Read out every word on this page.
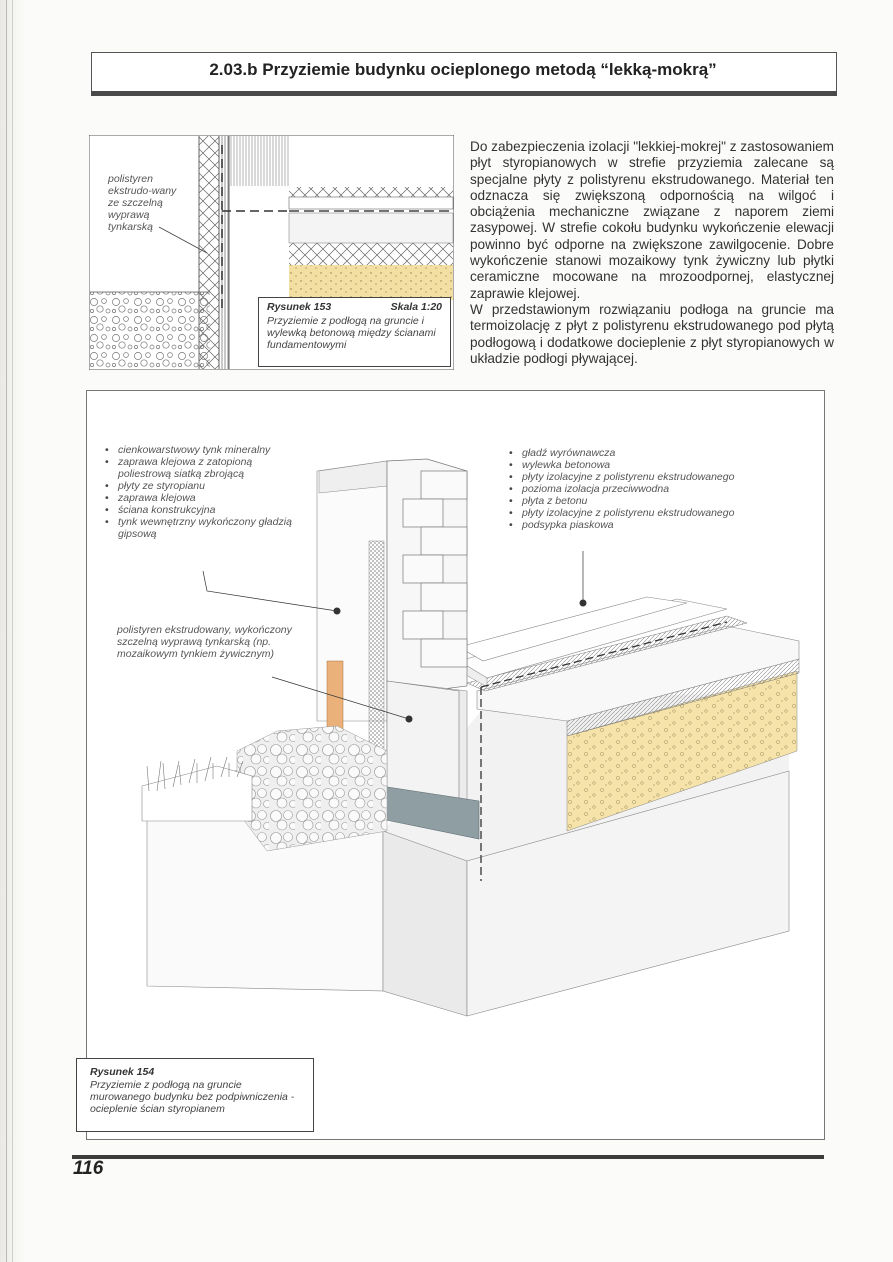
2.03.b Przyziemie budynku ocieplonego metodą “lekką-mokrą”
polistyren ekstrudo-wany ze szczelną wyprawą tynkarską
Rysunek 153	Skala 1:20
Przyziemie z podłogą na gruncie i wylewką betonową między ścianami fundamentowymi

Do zabezpieczenia izolacji "lekkiej-mokrej" z zastosowaniem płyt styropianowych w strefie przyziemia zalecane są specjalne płyty z polistyrenu ekstrudowanego. Materiał ten odznacza się zwiększoną odpornością na wilgoć i obciążenia mechaniczne związane z naporem ziemi zasypowej. W strefie cokołu budynku wykończenie elewacji powinno być odporne na zwiększone zawilgocenie. Dobre wykończenie stanowi mozaikowy tynk żywiczny lub płytki ceramiczne mocowane na mrozoodpornej, elastycznej zaprawie klejowej.

W przedstawionym rozwiązaniu podłoga na gruncie ma termoizolację z płyt z polistyrenu ekstrudowanego pod płytą podłogową i dodatkowe docieplenie z płyt styropianowych w układzie podłogi pływającej.

• cienkowarstwowy tynk mineralny
• zaprawa klejowa z zatopioną poliestrową siatką zbrojącą
• płyty ze styropianu
• zaprawa klejowa
• ściana konstrukcyjna
• tynk wewnętrzny wykończony gładzią gipsową
• gładź wyrównawcza
• wylewka betonowa
• płyty izolacyjne z polistyrenu ekstrudowanego
• pozioma izolacja przeciwwodna
• płyta z betonu
• płyty izolacyjne z polistyrenu ekstrudowanego
• podsypka piaskowa
polistyren ekstrudowany, wykończony szczelną wyprawą tynkarską (np. mozaikowym tynkiem żywicznym)
Rysunek 154
Przyziemie z podłogą na gruncie murowanego budynku bez podpiwniczenia - ocieplenie ścian styropianem
116
